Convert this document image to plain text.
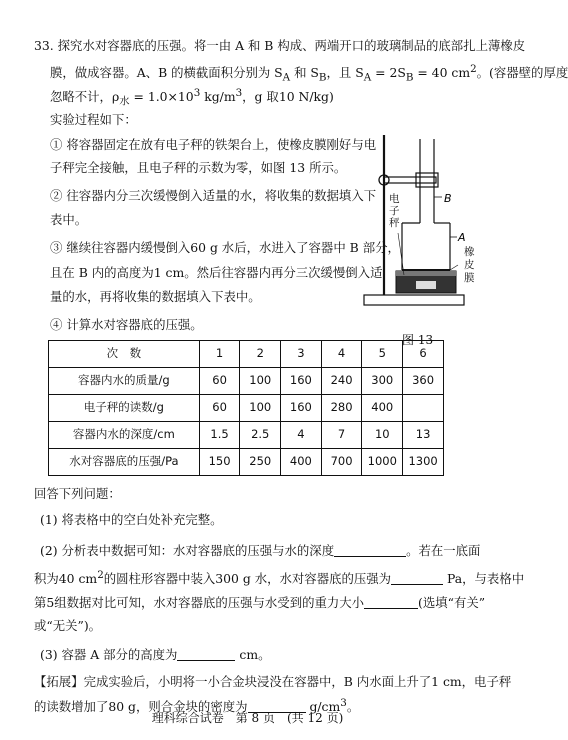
33. 探究水对容器底的压强。将一由 A 和 B 构成、两端开口的玻璃制品的底部扎上薄橡皮
膜，做成容器。A、B 的横截面积分别为 $S_A$ 和 $S_B$，且 $S_A = 2S_B = 40$ $cm^2$。(容器壁的厚度
忽略不计，$\rho_水 = 1.0\times 10^3$ $kg/m^3$，g 取10 N/kg)
实验过程如下：
① 将容器固定在放有电子秤的铁架台上，使橡皮膜刚好与电
子秤完全接触，且电子秤的示数为零，如图 13 所示。
② 往容器内分三次缓慢倒入适量的水，将收集的数据填入下
表中。
③ 继续往容器内缓慢倒入60 g 水后，水进入了容器中 B 部分，
且在 B 内的高度为1 cm。然后往容器内再分三次缓慢倒入适
量的水，再将收集的数据填入下表中。
④ 计算水对容器底的压强。
B
A
电子秤
橡皮膜
图 13
次　数	1	2	3	4	5	6
容器内水的质量/g	60	100	160	240	300	360
电子秤的读数/g	60	100	160	280	400	
容器内水的深度/cm	1.5	2.5	4	7	10	13
水对容器底的压强/Pa	150	250	400	700	1000	1300
回答下列问题：
(1) 将表格中的空白处补充完整。
(2) 分析表中数据可知：水对容器底的压强与水的深度	。若在一底面
积为40 $cm^2$的圆柱形容器中装入300 g 水，水对容器底的压强为	Pa，与表格中
第5组数据对比可知，水对容器底的压强与水受到的重力大小	(选填“有关”
或“无关”)。
(3) 容器 A 部分的高度为	cm。
【拓展】完成实验后，小明将一小合金块浸没在容器中，B 内水面上升了1 cm，电子秤
的读数增加了80 g，则合金块的密度为	$g/cm^3$。
理科综合试卷　第 8 页　(共 12 页)
